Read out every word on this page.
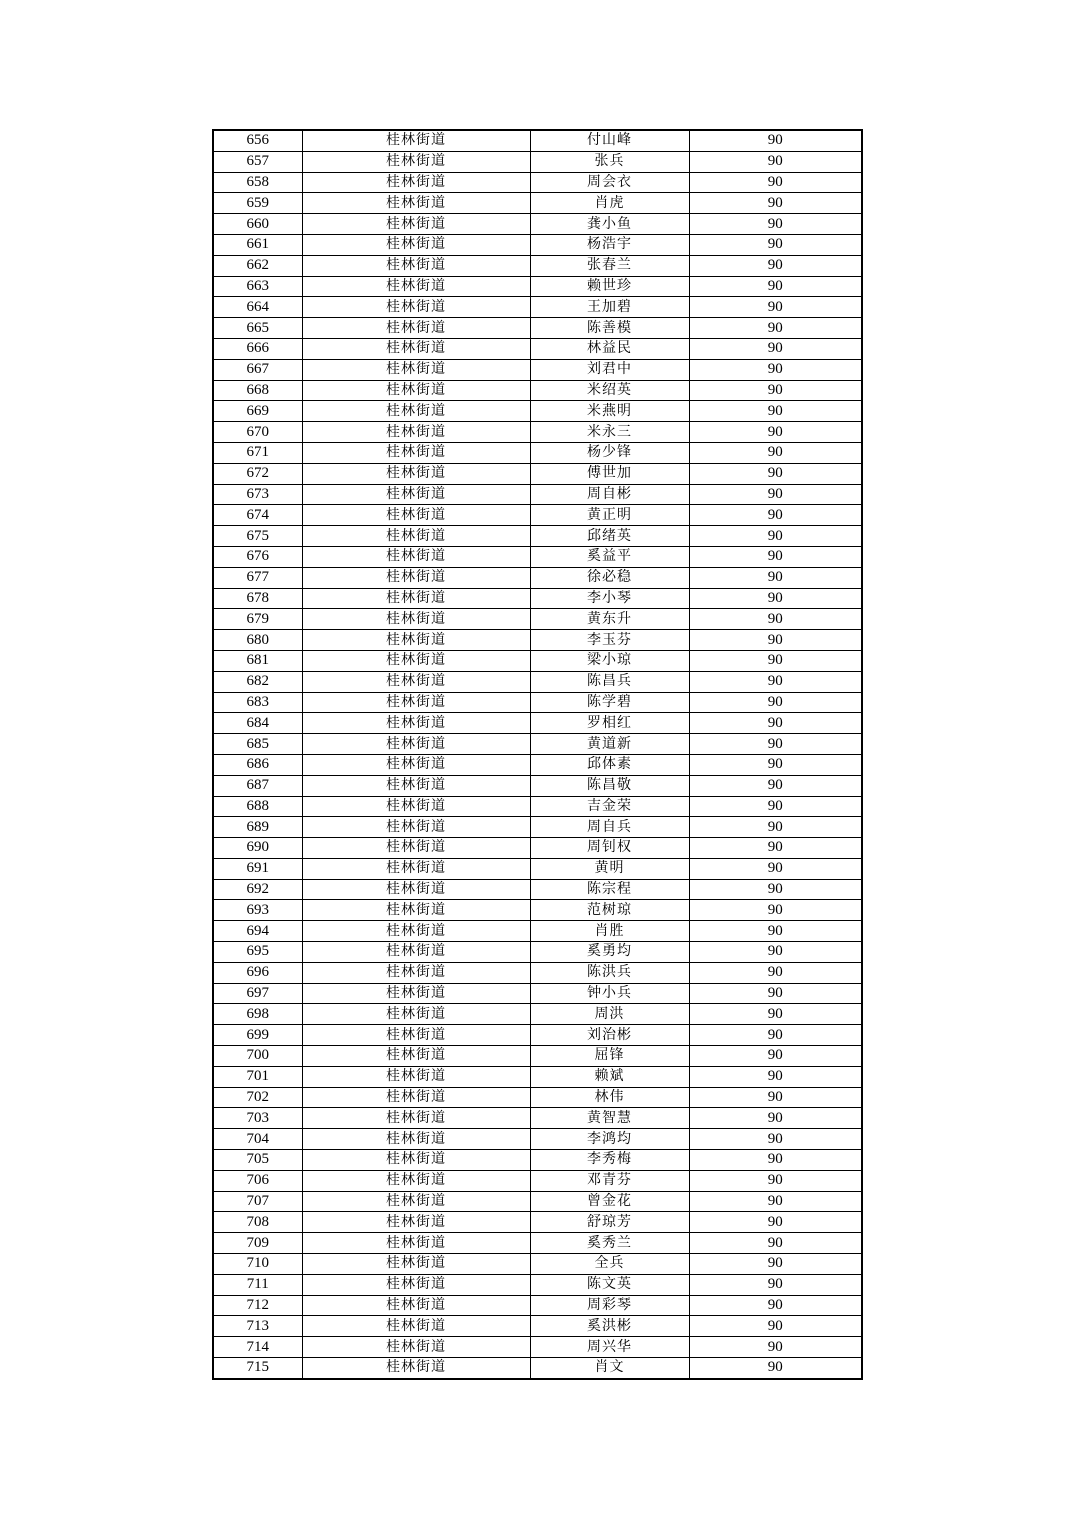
656	桂林街道	付山峰	90
657	桂林街道	张兵	90
658	桂林街道	周会衣	90
659	桂林街道	肖虎	90
660	桂林街道	龚小鱼	90
661	桂林街道	杨浩宇	90
662	桂林街道	张春兰	90
663	桂林街道	赖世珍	90
664	桂林街道	王加碧	90
665	桂林街道	陈善模	90
666	桂林街道	林益民	90
667	桂林街道	刘君中	90
668	桂林街道	米绍英	90
669	桂林街道	米燕明	90
670	桂林街道	米永三	90
671	桂林街道	杨少锋	90
672	桂林街道	傅世加	90
673	桂林街道	周自彬	90
674	桂林街道	黄正明	90
675	桂林街道	邱绪英	90
676	桂林街道	奚益平	90
677	桂林街道	徐必稳	90
678	桂林街道	李小琴	90
679	桂林街道	黄东升	90
680	桂林街道	李玉芬	90
681	桂林街道	梁小琼	90
682	桂林街道	陈昌兵	90
683	桂林街道	陈学碧	90
684	桂林街道	罗相红	90
685	桂林街道	黄道新	90
686	桂林街道	邱体素	90
687	桂林街道	陈昌敬	90
688	桂林街道	吉金荣	90
689	桂林街道	周自兵	90
690	桂林街道	周钊权	90
691	桂林街道	黄明	90
692	桂林街道	陈宗程	90
693	桂林街道	范树琼	90
694	桂林街道	肖胜	90
695	桂林街道	奚勇均	90
696	桂林街道	陈洪兵	90
697	桂林街道	钟小兵	90
698	桂林街道	周洪	90
699	桂林街道	刘治彬	90
700	桂林街道	屈锋	90
701	桂林街道	赖斌	90
702	桂林街道	林伟	90
703	桂林街道	黄智慧	90
704	桂林街道	李鸿均	90
705	桂林街道	李秀梅	90
706	桂林街道	邓青芬	90
707	桂林街道	曾金花	90
708	桂林街道	舒琼芳	90
709	桂林街道	奚秀兰	90
710	桂林街道	全兵	90
711	桂林街道	陈文英	90
712	桂林街道	周彩琴	90
713	桂林街道	奚洪彬	90
714	桂林街道	周兴华	90
715	桂林街道	肖文	90
